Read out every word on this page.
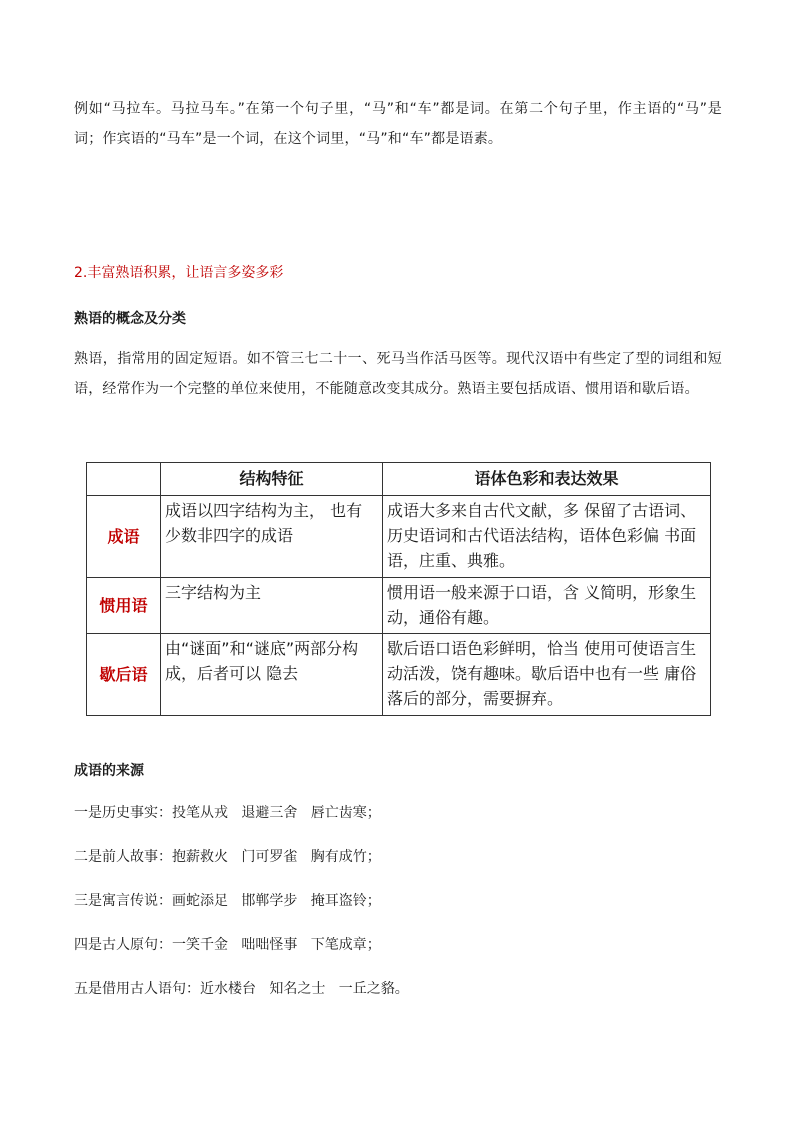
例如“马拉车。马拉马车。”在第一个句子里，“马”和“车”都是词。在第二个句子里，作主语的“马”是词；作宾语的“马车”是一个词，在这个词里，“马”和“车”都是语素。

2.丰富熟语积累，让语言多姿多彩
熟语的概念及分类

熟语，指常用的固定短语。如不管三七二十一、死马当作活马医等。现代汉语中有些定了型的词组和短语，经常作为一个完整的单位来使用，不能随意改变其成分。熟语主要包括成语、惯用语和歇后语。

	结构特征	语体色彩和表达效果
成语	成语以四字结构为主， 也有少数非四字的成语	成语大多来自古代文献，多 保留了古语词、历史语词和古代语法结构，语体色彩偏 书面语，庄重、典雅。
惯用语	三字结构为主	惯用语一般来源于口语，含 义简明，形象生动，通俗有趣。
歇后语	由“谜面”和“谜底”两部分构成，后者可以 隐去	歇后语口语色彩鲜明，恰当 使用可使语言生动活泼，饶有趣味。歇后语中也有一些 庸俗落后的部分，需要摒弃。
成语的来源

一是历史事实：投笔从戎   退避三舍   唇亡齿寒；

二是前人故事：抱薪救火   门可罗雀   胸有成竹；

三是寓言传说：画蛇添足   邯郸学步   掩耳盗铃；

四是古人原句：一笑千金   咄咄怪事   下笔成章；

五是借用古人语句：近水楼台   知名之士   一丘之貉。
